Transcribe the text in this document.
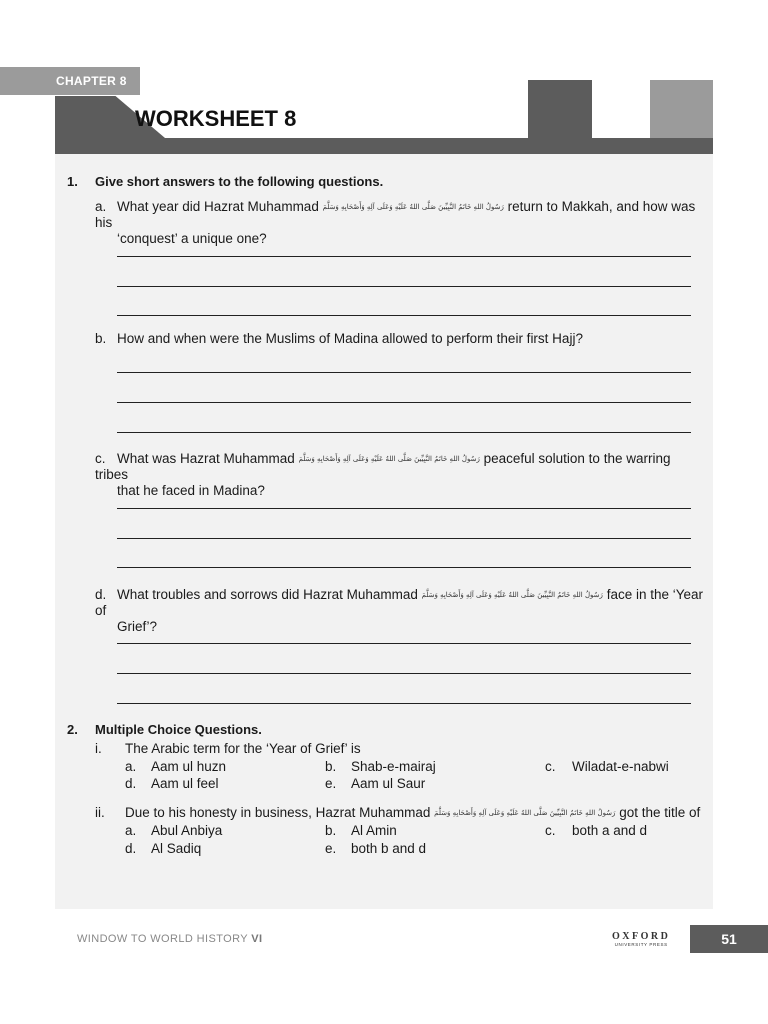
CHAPTER 8
WORKSHEET 8
1. Give short answers to the following questions.
a. What year did Hazrat Muhammad رَسُولُ اللهِ خَاتَمُ النَّبِيِّينَ صَلَّى اللهُ عَلَيْهِ وَعَلَى آلِهِ وَأَصْحَابِهِ وَسَلَّمَ return to Makkah, and how was his
‘conquest’ a unique one?
b. How and when were the Muslims of Madina allowed to perform their first Hajj?
c. What was Hazrat Muhammad رَسُولُ اللهِ خَاتَمُ النَّبِيِّينَ صَلَّى اللهُ عَلَيْهِ وَعَلَى آلِهِ وَأَصْحَابِهِ وَسَلَّمَ peaceful solution to the warring tribes
that he faced in Madina?
d. What troubles and sorrows did Hazrat Muhammad رَسُولُ اللهِ خَاتَمُ النَّبِيِّينَ صَلَّى اللهُ عَلَيْهِ وَعَلَى آلِهِ وَأَصْحَابِهِ وَسَلَّمَ face in the ‘Year of
Grief’?
2. Multiple Choice Questions.
i. The Arabic term for the ‘Year of Grief’ is
a. Aam ul huzn	b. Shab-e-mairaj	c. Wiladat-e-nabwi
d. Aam ul feel	e. Aam ul Saur
ii. Due to his honesty in business, Hazrat Muhammad رَسُولُ اللهِ خَاتَمُ النَّبِيِّينَ صَلَّى اللهُ عَلَيْهِ وَعَلَى آلِهِ وَأَصْحَابِهِ وَسَلَّمَ got the title of
a. Abul Anbiya	b. Al Amin	c. both a and d
d. Al Sadiq	e. both b and d
WINDOW TO WORLD HISTORY VI	OXFORD
UNIVERSITY PRESS	51
